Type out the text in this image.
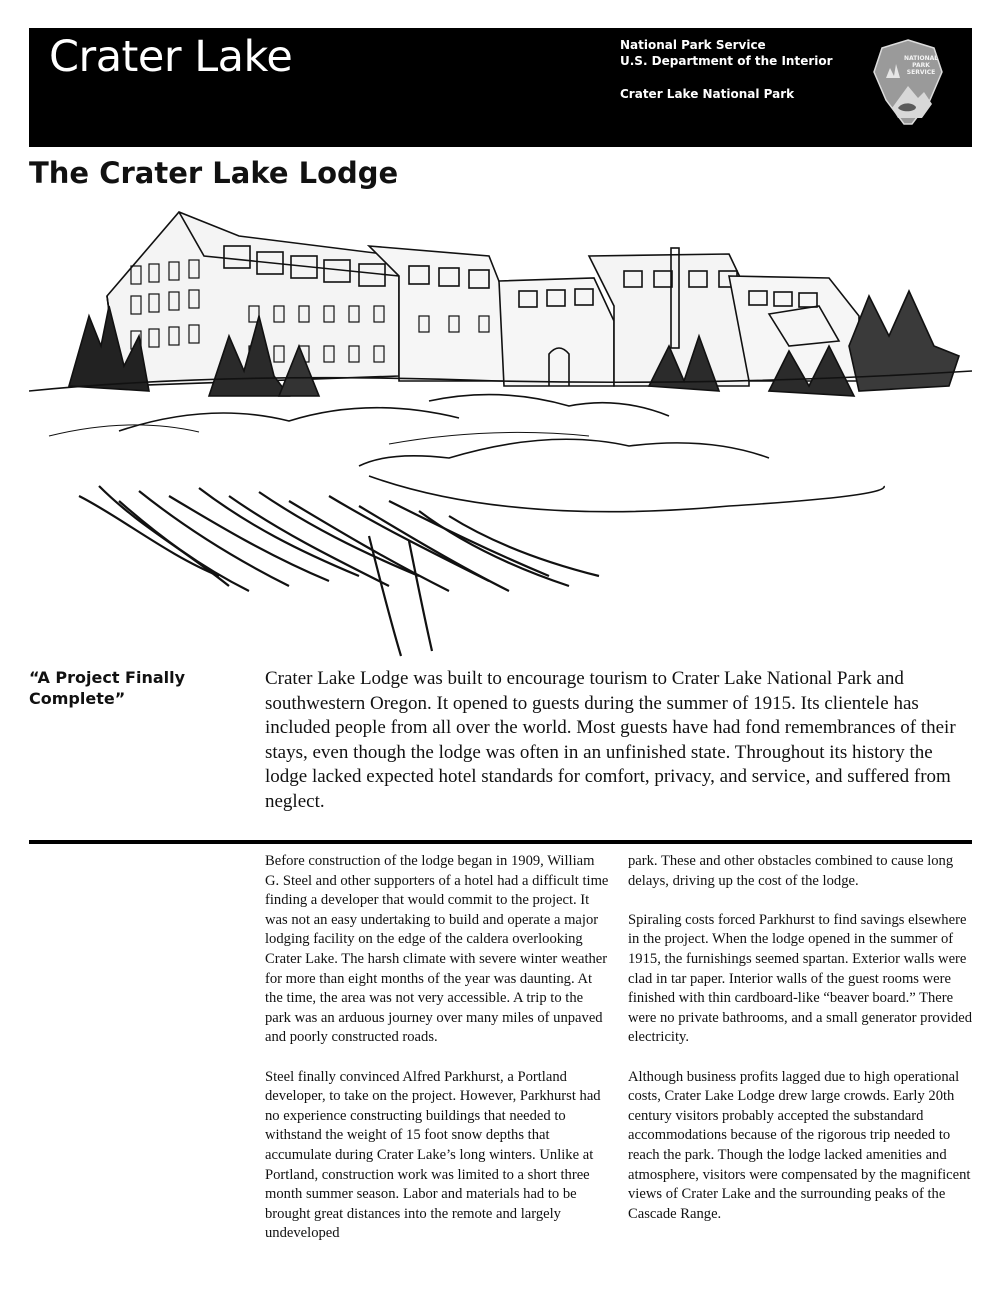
Crater Lake	National Park Service
U.S. Department of the Interior
Crater Lake National Park
NATIONAL
PARK
SERVICE
The Crater Lake Lodge
“A Project Finally Complete”

Crater Lake Lodge was built to encourage tourism to Crater Lake National Park and southwestern Oregon. It opened to guests during the summer of 1915. Its clientele has included people from all over the world. Most guests have had fond remembrances of their stays, even though the lodge was often in an unfinished state. Throughout its history the lodge lacked expected hotel standards for comfort, privacy, and service, and suffered from neglect.

Before construction of the lodge began in 1909, William G. Steel and other supporters of a hotel had a difficult time finding a developer that would commit to the project. It was not an easy undertaking to build and operate a major lodging facility on the edge of the caldera overlooking Crater Lake. The harsh climate with severe winter weather for more than eight months of the year was daunting. At the time, the area was not very accessible. A trip to the park was an arduous journey over many miles of unpaved and poorly constructed roads.

Steel finally convinced Alfred Parkhurst, a Portland developer, to take on the project. However, Parkhurst had no experience constructing buildings that needed to withstand the weight of 15 foot snow depths that accumulate during Crater Lake’s long winters. Unlike at Portland, construction work was limited to a short three month summer season. Labor and materials had to be brought great distances into the remote and largely undeveloped

park. These and other obstacles combined to cause long delays, driving up the cost of the lodge.

Spiraling costs forced Parkhurst to find savings elsewhere in the project. When the lodge opened in the summer of 1915, the furnishings seemed spartan. Exterior walls were clad in tar paper. Interior walls of the guest rooms were finished with thin cardboard-like “beaver board.” There were no private bathrooms, and a small generator provided electricity.

Although business profits lagged due to high operational costs, Crater Lake Lodge drew large crowds. Early 20th century visitors probably accepted the substandard accommodations because of the rigorous trip needed to reach the park. Though the lodge lacked amenities and atmosphere, visitors were compensated by the magnificent views of Crater Lake and the surrounding peaks of the Cascade Range.
